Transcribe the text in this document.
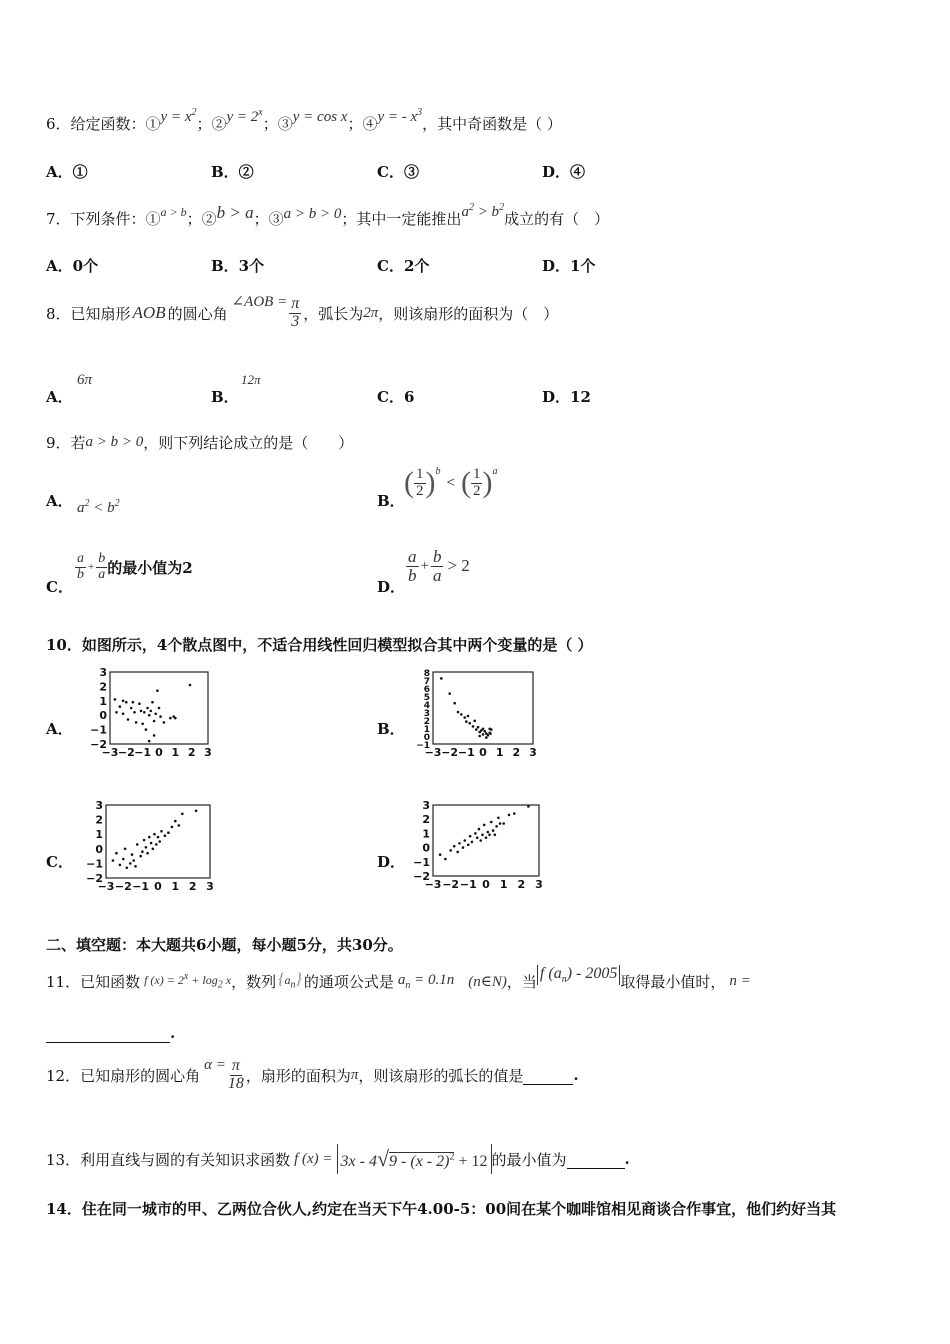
6．给定函数：①y = $x^2$；②y = $2^x$；③y = cos x；④y = - $x^3$，其中奇函数是（ ）
A．①	B．②	C．③	D．④
7．下列条件：①$^{a > b}$；②b > a；③a > b > 0；其中一定能推出$a^2 > b^2$成立的有（　）
A．0个	B．3个	C．2个	D．1个
8．已知扇形 AOB 的圆心角
∠AOB = $\frac{\pi}{3}$ ，弧长为 2π ，则该扇形的面积为（　）
A．
6π
B．
12π
C．6	D．12
9．若a > b > 0，则下列结论成立的是（　　）
A． $a^2 < b^2$	B．
( $\frac{1}{2}$ ) b
< ( $\frac{1}{2}$ ) a
C．
$\frac{a}{b} + \frac{b}{a}$ 的最小值为2
D．
$\frac{a}{b} + \frac{b}{a} > 2$
10．如图所示，4个散点图中，不适合用线性回归模型拟合其中两个变量的是（ ）
A．	B．
C．	D．
−3 −2 −1 0 1 2 3
3
2
1
0
−1
−2
−3 −2 −1 0 1 2 3
8
7
6
5
4
3
2
1
0
−1
−3 −2 −1 0 1 2 3
3
2
1
0
−1
−2	−3 −2 −1 0 1 2 3
3
2
1
0
−1
−2
二、填空题：本大题共6小题，每小题5分，共30分。
11．已知函数 f $(x) = 2^x + \log_2 x$ ，数列 $\{a_n\}$ 的通项公式是 $a_n = 0.1n$ (n∈N) ，当 f $(a_n) - 2005$ 取得最小值时， n =
.
12．已知扇形的圆心角
$\alpha = \frac{\pi}{18}$ ，扇形的面积为 π ，则该扇形的弧长的值是
	.
13．利用直线与圆的有关知识求函数 f (x) = 3x - 4√9 - (x - 2)$^2$ + 12 的最小值为
	.
14．住在同一城市的甲、乙两位合伙人,约定在当天下午4.00-5：00间在某个咖啡馆相见商谈合作事宜，他们约好当其
